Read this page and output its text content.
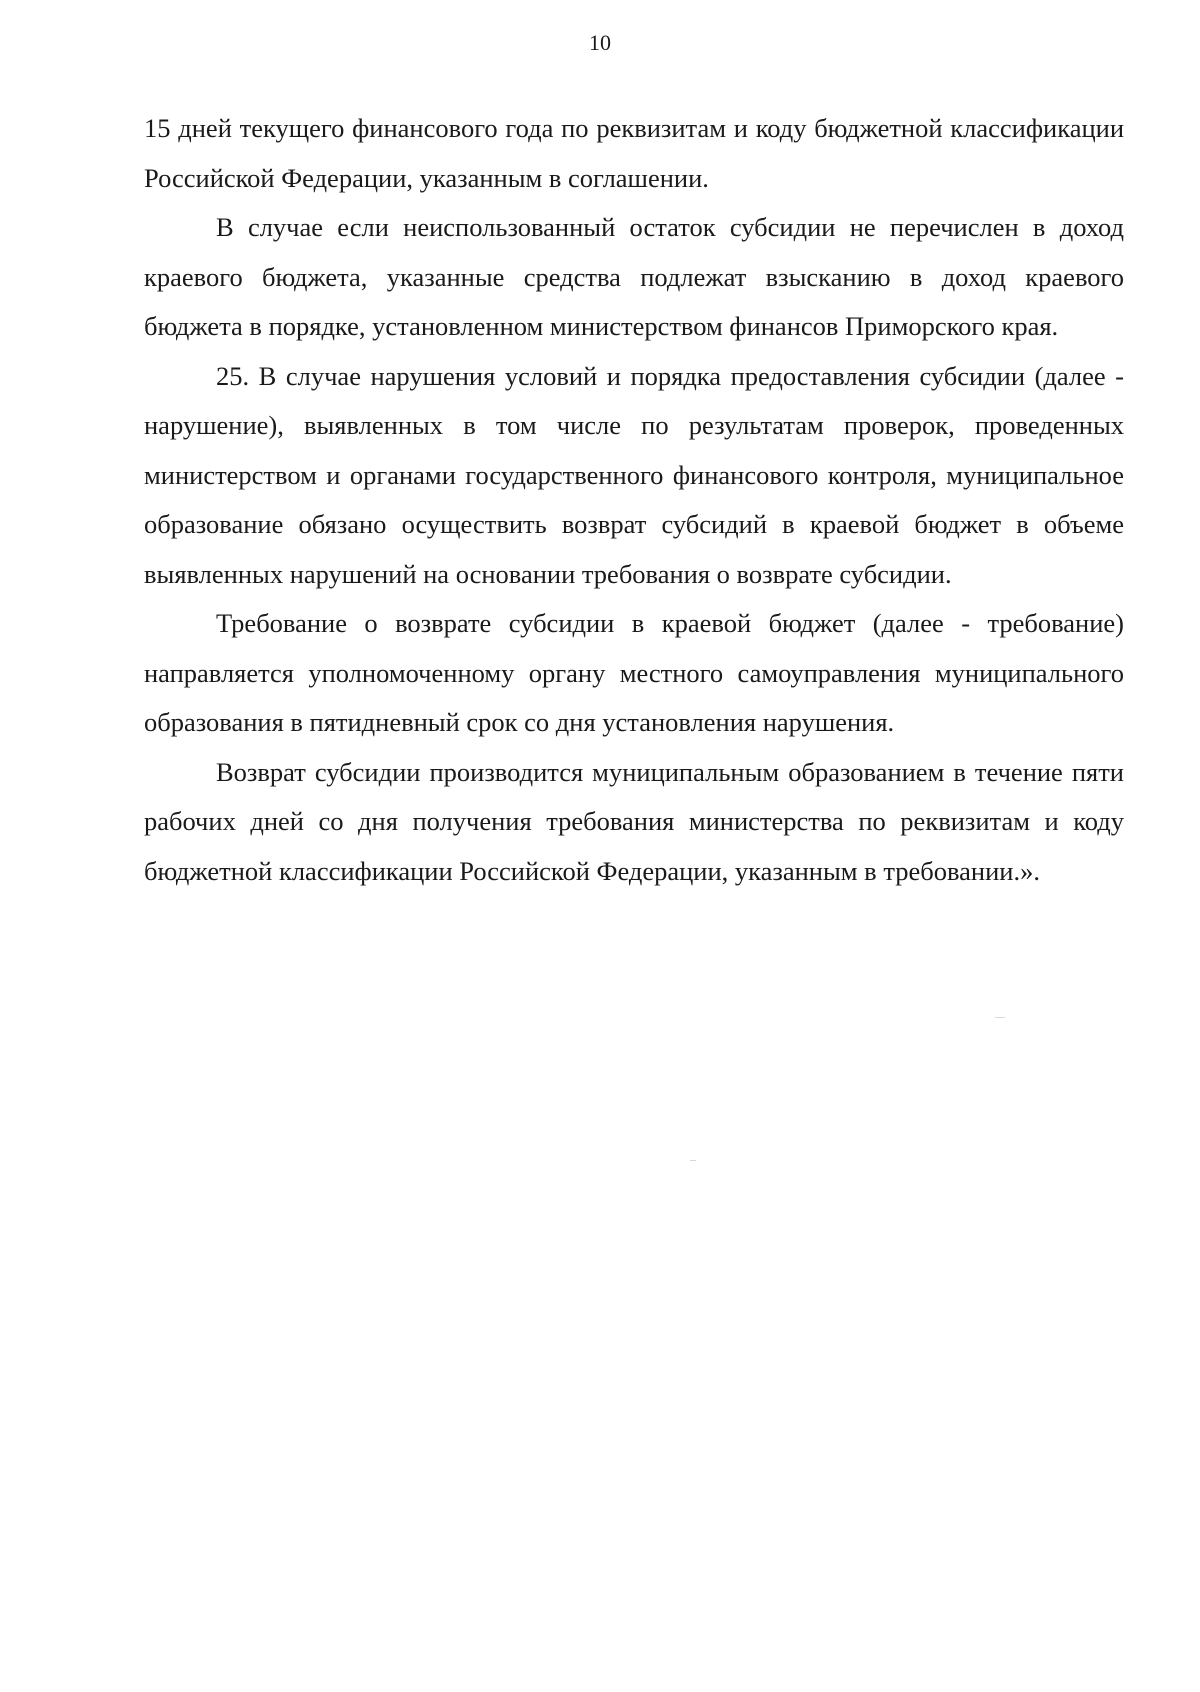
10

15 дней текущего финансового года по реквизитам и коду бюджетной классификации Российской Федерации, указанным в соглашении.

В случае если неиспользованный остаток субсидии не перечислен в доход краевого бюджета, указанные средства подлежат взысканию в доход краевого бюджета в порядке, установленном министерством финансов Приморского края.

25. В случае нарушения условий и порядка предоставления субсидии (далее - нарушение), выявленных в том числе по результатам проверок, проведенных министерством и органами государственного финансового контроля, муниципальное образование обязано осуществить возврат субсидий в краевой бюджет в объеме выявленных нарушений на основании требования о возврате субсидии.

Требование о возврате субсидии в краевой бюджет (далее - требование) направляется уполномоченному органу местного самоуправления муниципального образования в пятидневный срок со дня установления нарушения.

Возврат субсидии производится муниципальным образованием в течение пяти рабочих дней со дня получения требования министерства по реквизитам и коду бюджетной классификации Российской Федерации, указанным в требовании.».
